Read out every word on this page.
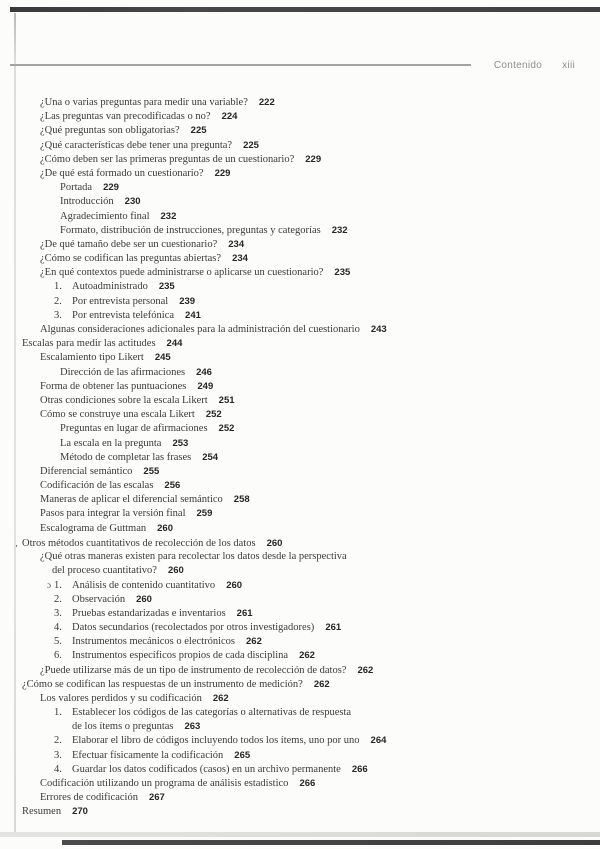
Contenido xiii
¿Una o varias preguntas para medir una variable? 222
¿Las preguntas van precodificadas o no? 224
¿Qué preguntas son obligatorias? 225
¿Qué características debe tener una pregunta? 225
¿Cómo deben ser las primeras preguntas de un cuestionario? 229
¿De qué está formado un cuestionario? 229
Portada 229
Introducción 230
Agradecimiento final 232
Formato, distribución de instrucciones, preguntas y categorías 232
¿De qué tamaño debe ser un cuestionario? 234
¿Cómo se codifican las preguntas abiertas? 234
¿En qué contextos puede administrarse o aplicarse un cuestionario? 235
1. Autoadministrado 235
2. Por entrevista personal 239
3. Por entrevista telefónica 241
Algunas consideraciones adicionales para la administración del cuestionario 243
Escalas para medir las actitudes 244
Escalamiento tipo Likert 245
Dirección de las afirmaciones 246
Forma de obtener las puntuaciones 249
Otras condiciones sobre la escala Likert 251
Cómo se construye una escala Likert 252
Preguntas en lugar de afirmaciones 252
La escala en la pregunta 253
Método de completar las frases 254
Diferencial semántico 255
Codificación de las escalas 256
Maneras de aplicar el diferencial semántico 258
Pasos para integrar la versión final 259
Escalograma de Guttman 260
‚ Otros métodos cuantitativos de recolección de los datos 260
¿Qué otras maneras existen para recolectar los datos desde la perspectiva
del proceso cuantitativo? 260
ɔ 1. Análisis de contenido cuantitativo 260
2. Observación 260
3. Pruebas estandarizadas e inventarios 261
4. Datos secundarios (recolectados por otros investigadores) 261
5. Instrumentos mecánicos o electrónicos 262
6. Instrumentos específicos propios de cada disciplina 262
¿Puede utilizarse más de un tipo de instrumento de recolección de datos? 262
¿Cómo se codifican las respuestas de un instrumento de medición? 262
Los valores perdidos y su codificación 262
1. Establecer los códigos de las categorías o alternativas de respuesta
de los ítems o preguntas 263
2. Elaborar el libro de códigos incluyendo todos los ítems, uno por uno 264
3. Efectuar físicamente la codificación 265
4. Guardar los datos codificados (casos) en un archivo permanente 266
Codificación utilizando un programa de análisis estadístico 266
Errores de codificación 267
Resumen 270
